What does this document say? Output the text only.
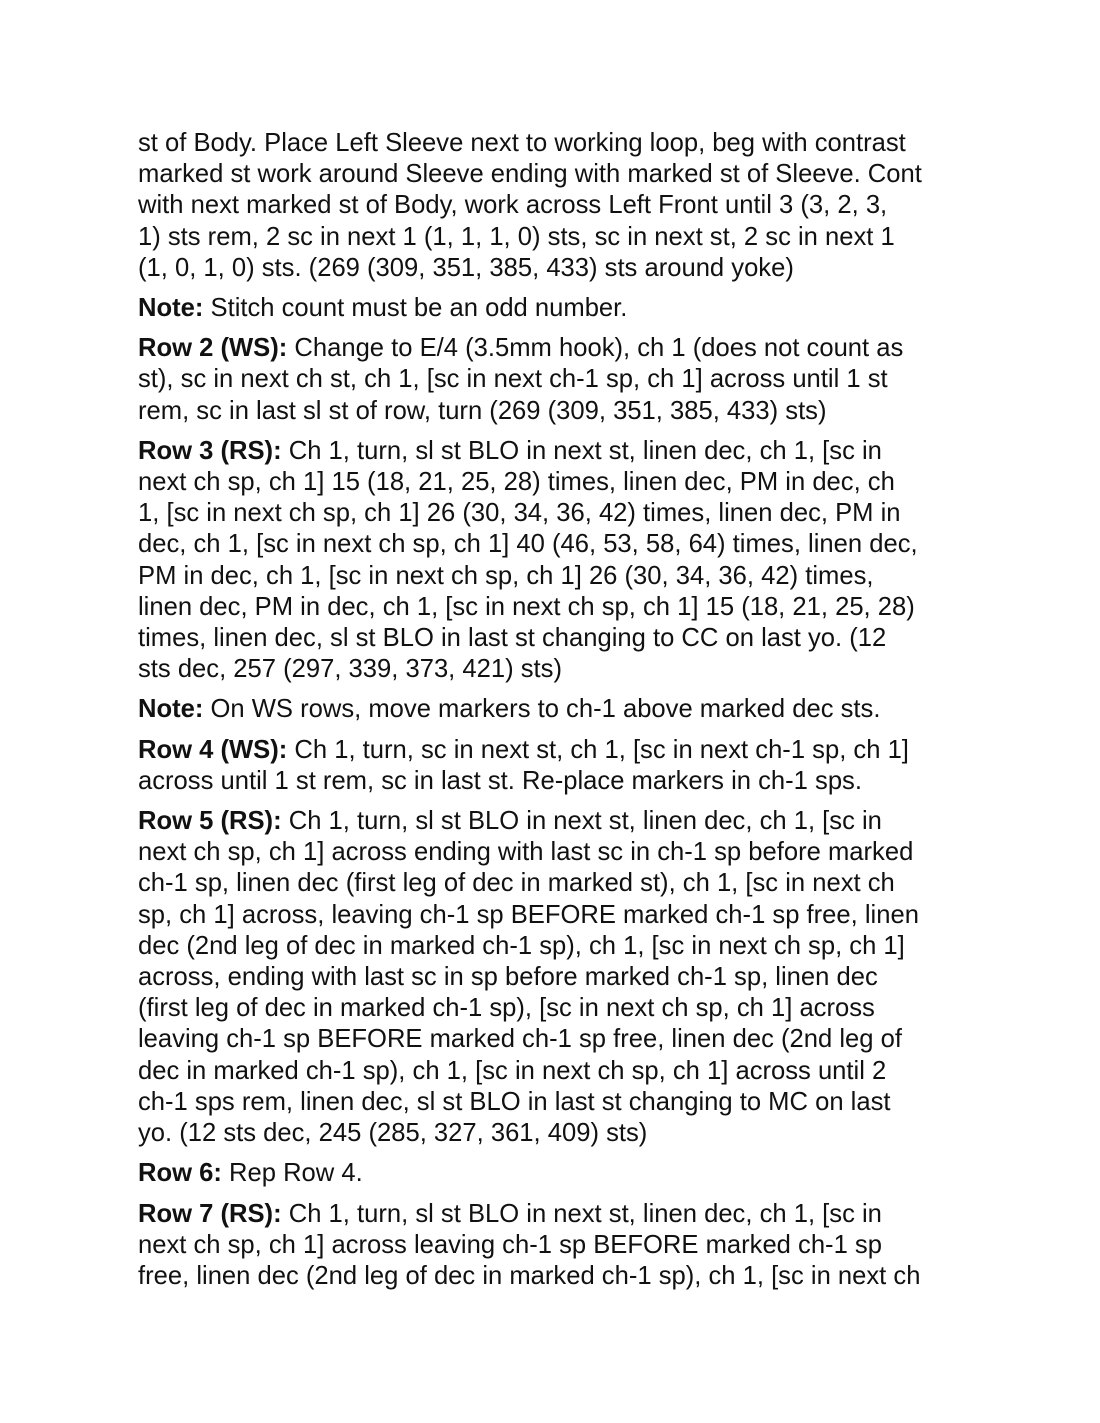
st of Body. Place Left Sleeve next to working loop, beg with contrast
marked st work around Sleeve ending with marked st of Sleeve. Cont
with next marked st of Body, work across Left Front until 3 (3, 2, 3,
1) sts rem, 2 sc in next 1 (1, 1, 1, 0) sts, sc in next st, 2 sc in next 1
(1, 0, 1, 0) sts. (269 (309, 351, 385, 433) sts around yoke)

Note: Stitch count must be an odd number.

Row 2 (WS): Change to E/4 (3.5mm hook), ch 1 (does not count as
st), sc in next ch st, ch 1, [sc in next ch-1 sp, ch 1] across until 1 st
rem, sc in last sl st of row, turn (269 (309, 351, 385, 433) sts)

Row 3 (RS): Ch 1, turn, sl st BLO in next st, linen dec, ch 1, [sc in
next ch sp, ch 1] 15 (18, 21, 25, 28) times, linen dec, PM in dec, ch
1, [sc in next ch sp, ch 1] 26 (30, 34, 36, 42) times, linen dec, PM in
dec, ch 1, [sc in next ch sp, ch 1] 40 (46, 53, 58, 64) times, linen dec,
PM in dec, ch 1, [sc in next ch sp, ch 1] 26 (30, 34, 36, 42) times,
linen dec, PM in dec, ch 1, [sc in next ch sp, ch 1] 15 (18, 21, 25, 28)
times, linen dec, sl st BLO in last st changing to CC on last yo. (12
sts dec, 257 (297, 339, 373, 421) sts)

Note: On WS rows, move markers to ch-1 above marked dec sts.

Row 4 (WS): Ch 1, turn, sc in next st, ch 1, [sc in next ch-1 sp, ch 1]
across until 1 st rem, sc in last st. Re-place markers in ch-1 sps.

Row 5 (RS): Ch 1, turn, sl st BLO in next st, linen dec, ch 1, [sc in
next ch sp, ch 1] across ending with last sc in ch-1 sp before marked
ch-1 sp, linen dec (first leg of dec in marked st), ch 1, [sc in next ch
sp, ch 1] across, leaving ch-1 sp BEFORE marked ch-1 sp free, linen
dec (2nd leg of dec in marked ch-1 sp), ch 1, [sc in next ch sp, ch 1]
across, ending with last sc in sp before marked ch-1 sp, linen dec
(first leg of dec in marked ch-1 sp), [sc in next ch sp, ch 1] across
leaving ch-1 sp BEFORE marked ch-1 sp free, linen dec (2nd leg of
dec in marked ch-1 sp), ch 1, [sc in next ch sp, ch 1] across until 2
ch-1 sps rem, linen dec, sl st BLO in last st changing to MC on last
yo. (12 sts dec, 245 (285, 327, 361, 409) sts)

Row 6: Rep Row 4.

Row 7 (RS): Ch 1, turn, sl st BLO in next st, linen dec, ch 1, [sc in
next ch sp, ch 1] across leaving ch-1 sp BEFORE marked ch-1 sp
free, linen dec (2nd leg of dec in marked ch-1 sp), ch 1, [sc in next ch
